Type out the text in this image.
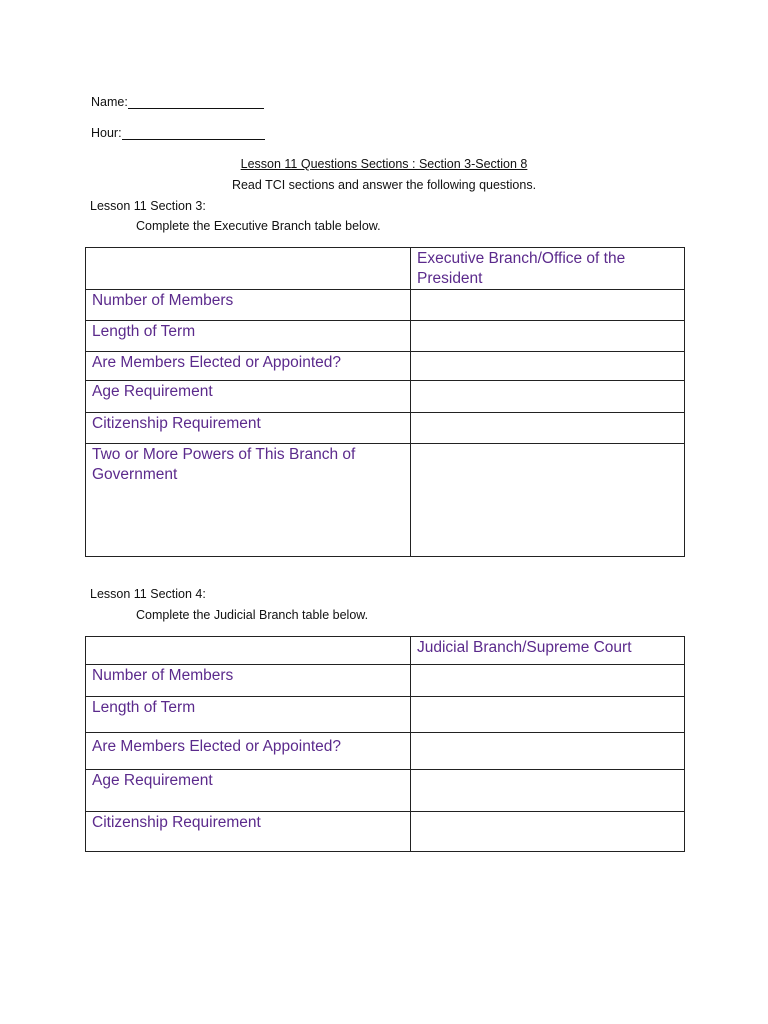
Name:
Hour:
Lesson 11 Questions Sections : Section 3-Section 8
Read TCI sections and answer the following questions.
Lesson 11 Section 3:
Complete the Executive Branch table below.

	Executive Branch/Office of the President

Number of Members	
Length of Term	
Are Members Elected or Appointed?	
Age Requirement	
Citizenship Requirement	
Two or More Powers of This Branch of Government	
Lesson 11 Section 4:
Complete the Judicial Branch table below.

	Judicial Branch/Supreme Court

Number of Members	
Length of Term	
Are Members Elected or Appointed?	
Age Requirement	
Citizenship Requirement	
